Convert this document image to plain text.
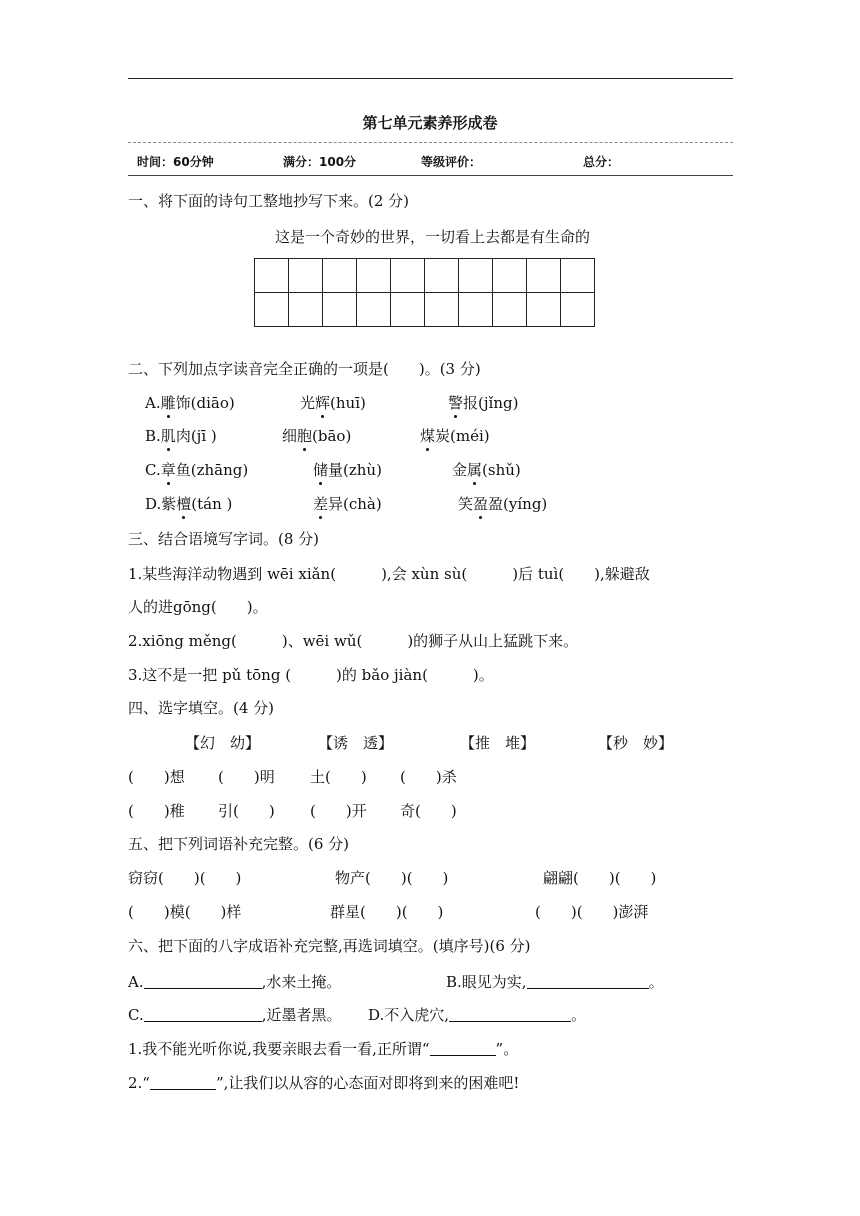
第七单元素养形成卷
时间：60分钟	满分：100分	等级评价：	总分：
一、将下面的诗句工整地抄写下来。(2 分)
这是一个奇妙的世界，一切看上去都是有生命的

二、下列加点字读音完全正确的一项是(　　)。(3 分)
A.雕饰(diāo)	光辉(huī)	警报(jǐng)
B.肌肉(jī )	细胞(bāo)	煤炭(méi)
C.章鱼(zhāng)	储量(zhù)	金属(shǔ)
D.紫檀(tán )	差异(chà)	笑盈盈(yíng)
三、结合语境写字词。(8 分)
1.某些海洋动物遇到 wēi xiǎn(　　　),会 xùn sù(　　　)后 tuì(　　),躲避敌
人的进gōng(　　)。
2.xiōng měng(　　　)、wēi wǔ(　　　)的狮子从山上猛跳下来。
3.这不是一把 pǔ tōng (　　　)的 bǎo jiàn(　　　)。
四、选字填空。(4 分)
【幻　幼】	【诱　透】	【推　堆】	【秒　妙】
(　　)想 (　　)明 土(　　) (　　)杀
(　　)稚 引(　　) (　　)开 奇(　　)
五、把下列词语补充完整。(6 分)
窃窃(　　)(　　)	物产(　　)(　　)	翩翩(　　)(　　)
(　　)模(　　)样	群星(　　)(　　)	(　　)(　　)澎湃
六、把下面的八字成语补充完整,再选词填空。(填序号)(6 分)
A.	,水来土掩。	B.眼见为实,	。
C.	,近墨者黑。 D.不入虎穴,	。
1.我不能光听你说,我要亲眼去看一看,正所谓“	”。
2.“	”,让我们以从容的心态面对即将到来的困难吧!
